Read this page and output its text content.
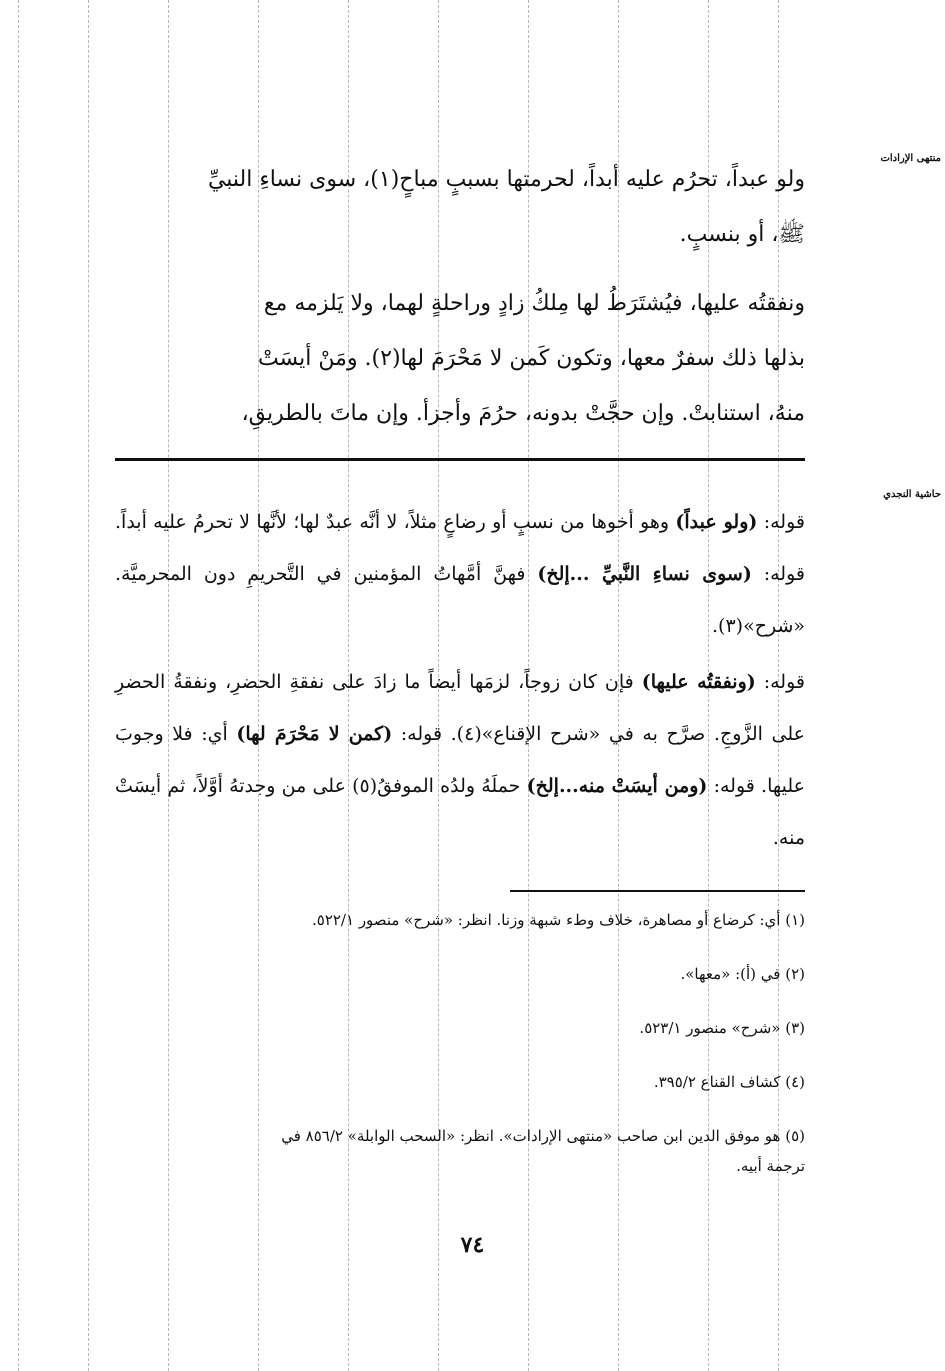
منتهى الإرادات
حاشية النجدي

ولو عبداً، تحرُم عليه أبداً، لحرمتها بسببٍ مباحٍ(١)، سوى نساءِ النبيِّ
ﷺ، أو بنسبٍ.

ونفقتُه عليها، فيُشتَرَطُ لها مِلكُ زادٍ وراحلةٍ لهما، ولا يَلزمه مع
بذلها ذلك سفرٌ معها، وتكون كَمن لا مَحْرَمَ لها(٢). ومَنْ أيسَتْ
منهُ، استنابتْ. وإن حجَّتْ بدونه، حرُمَ وأجزأ. وإن ماتَ بالطريقِ،

قوله: (ولو عبداً) وهو أخوها من نسبٍ أو رضاعٍ مثلاً، لا أنَّه عبدٌ لها؛ لأنَّها لا تحرمُ عليه أبداً. قوله: (سوى نساءِ النَّبيِّ ...إلخ) فهنَّ أمَّهاتُ المؤمنين في التَّحريمِ دون المحرميَّة. «شرح»(٣).

قوله: (ونفقتُه عليها) فإن كان زوجاً، لزمَها أيضاً ما زادَ على نفقةِ الحضرِ، ونفقةُ الحضرِ على الزَّوجِ. صرَّح به في «شرح الإقناع»(٤). قوله: (كمن لا مَحْرَمَ لها) أي: فلا وجوبَ عليها. قوله: (ومن أيسَتْ منه...إلخ) حملَهُ ولدُه الموفقُ(٥) على من وجدتهُ أوَّلاً، ثم أيسَتْ منه.

(١) أي: كرضاع أو مصاهرة، خلاف وطء شبهة وزنا. انظر: «شرح» منصور ٥٢٢/١.

(٢) في (أ): «معها».

(٣) «شرح» منصور ٥٢٣/١.

(٤) كشاف القناع ٣٩٥/٢.

(٥) هو موفق الدين ابن صاحب «منتهى الإرادات». انظر: «السحب الوابلة» ٨٥٦/٢ في
ترجمة أبيه.

٧٤
